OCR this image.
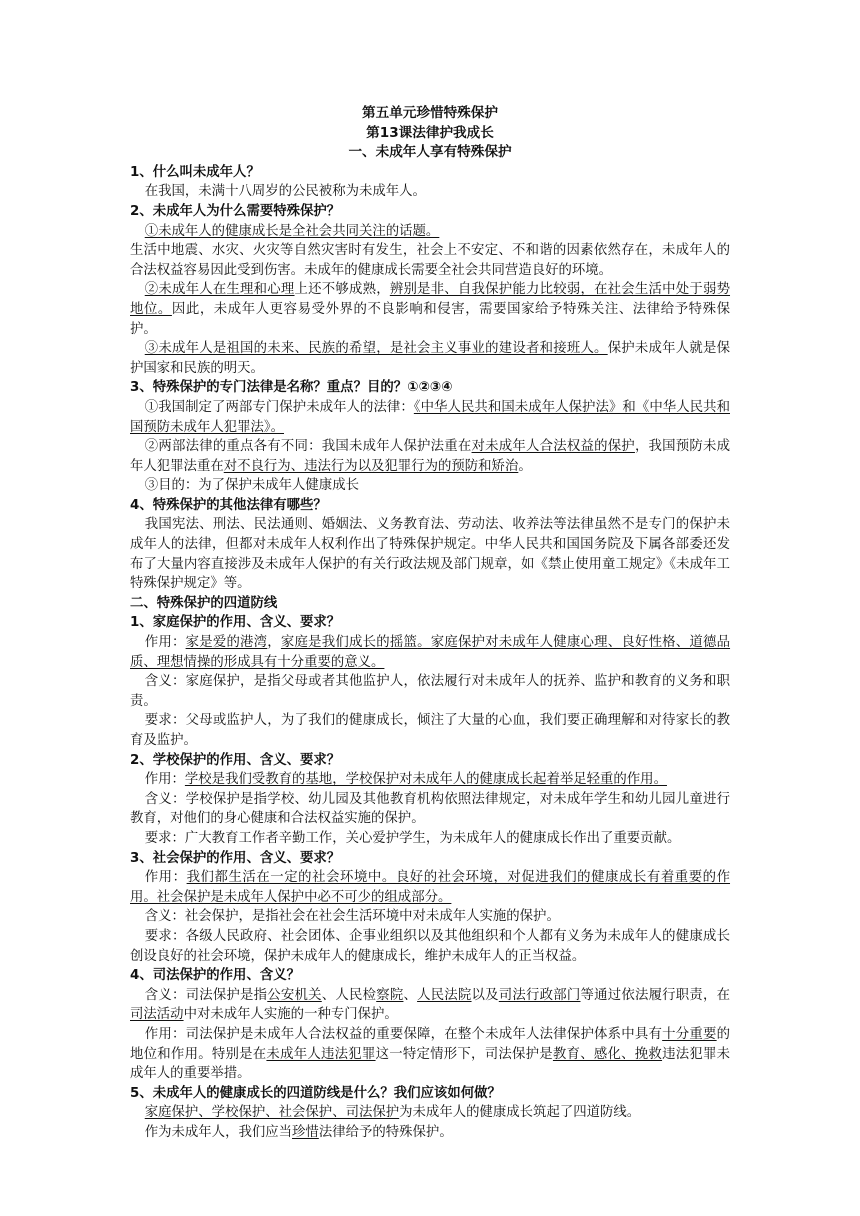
第五单元珍惜特殊保护
第13课法律护我成长
一、未成年人享有特殊保护
1、什么叫未成年人？
在我国，未满十八周岁的公民被称为未成年人。
2、未成年人为什么需要特殊保护？
①未成年人的健康成长是全社会共同关注的话题。
生活中地震、水灾、火灾等自然灾害时有发生，社会上不安定、不和谐的因素依然存在，未成年人的合法权益容易因此受到伤害。未成年的健康成长需要全社会共同营造良好的环境。
②未成年人在生理和心理上还不够成熟，辨别是非、自我保护能力比较弱，在社会生活中处于弱势地位。因此，未成年人更容易受外界的不良影响和侵害，需要国家给予特殊关注、法律给予特殊保护。
③未成年人是祖国的未来、民族的希望，是社会主义事业的建设者和接班人。保护未成年人就是保护国家和民族的明天。
3、特殊保护的专门法律是名称？重点？目的？①②③④
①我国制定了两部专门保护未成年人的法律：《中华人民共和国未成年人保护法》和《中华人民共和国预防未成年人犯罪法》。
②两部法律的重点各有不同：我国未成年人保护法重在对未成年人合法权益的保护，我国预防未成年人犯罪法重在对不良行为、违法行为以及犯罪行为的预防和矫治。
③目的：为了保护未成年人健康成长
4、特殊保护的其他法律有哪些？
我国宪法、刑法、民法通则、婚姻法、义务教育法、劳动法、收养法等法律虽然不是专门的保护未成年人的法律，但都对未成年人权利作出了特殊保护规定。中华人民共和国国务院及下属各部委还发布了大量内容直接涉及未成年人保护的有关行政法规及部门规章，如《禁止使用童工规定》《未成年工特殊保护规定》等。
二、特殊保护的四道防线
1、家庭保护的作用、含义、要求？
作用：家是爱的港湾，家庭是我们成长的摇篮。家庭保护对未成年人健康心理、良好性格、道德品质、理想情操的形成具有十分重要的意义。
含义：家庭保护，是指父母或者其他监护人，依法履行对未成年人的抚养、监护和教育的义务和职责。
要求：父母或监护人，为了我们的健康成长，倾注了大量的心血，我们要正确理解和对待家长的教育及监护。
2、学校保护的作用、含义、要求？
作用：学校是我们受教育的基地，学校保护对未成年人的健康成长起着举足轻重的作用。
含义：学校保护是指学校、幼儿园及其他教育机构依照法律规定，对未成年学生和幼儿园儿童进行教育，对他们的身心健康和合法权益实施的保护。
要求：广大教育工作者辛勤工作，关心爱护学生，为未成年人的健康成长作出了重要贡献。
3、社会保护的作用、含义、要求？
作用：我们都生活在一定的社会环境中。良好的社会环境，对促进我们的健康成长有着重要的作用。社会保护是未成年人保护中必不可少的组成部分。
含义：社会保护，是指社会在社会生活环境中对未成年人实施的保护。
要求：各级人民政府、社会团体、企事业组织以及其他组织和个人都有义务为未成年人的健康成长创设良好的社会环境，保护未成年人的健康成长，维护未成年人的正当权益。
4、司法保护的作用、含义？
含义：司法保护是指公安机关、人民检察院、人民法院以及司法行政部门等通过依法履行职责，在司法活动中对未成年人实施的一种专门保护。
作用：司法保护是未成年人合法权益的重要保障，在整个未成年人法律保护体系中具有十分重要的地位和作用。特别是在未成年人违法犯罪这一特定情形下，司法保护是教育、感化、挽救违法犯罪未成年人的重要举措。
5、未成年人的健康成长的四道防线是什么？我们应该如何做？
家庭保护、学校保护、社会保护、司法保护为未成年人的健康成长筑起了四道防线。
作为未成年人，我们应当珍惜法律给予的特殊保护。
